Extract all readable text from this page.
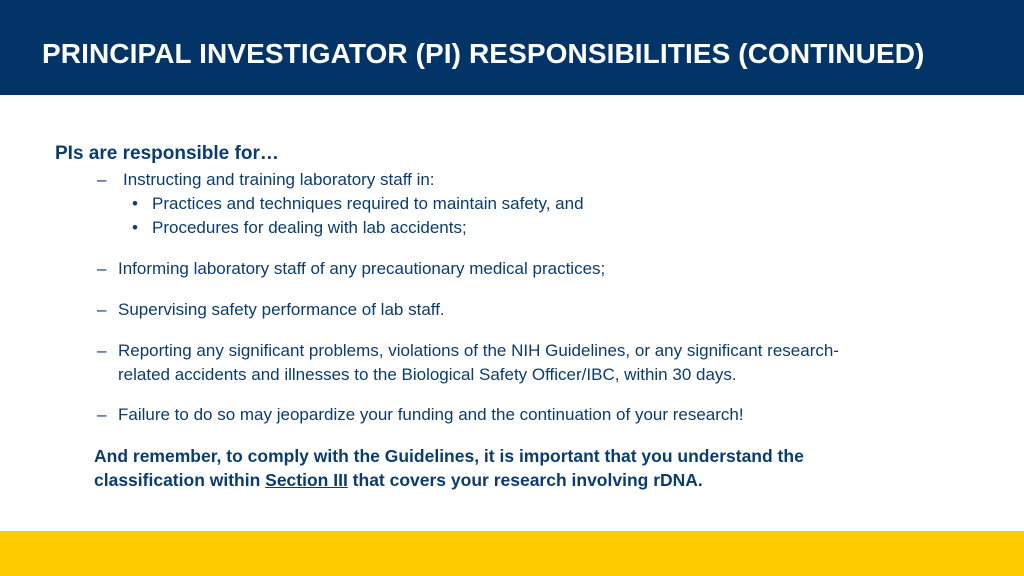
PRINCIPAL INVESTIGATOR (PI) RESPONSIBILITIES (CONTINUED)
PIs are responsible for…
– Instructing and training laboratory staff in:
• Practices and techniques required to maintain safety, and
• Procedures for dealing with lab accidents;
– Informing laboratory staff of any precautionary medical practices;
– Supervising safety performance of lab staff.
– Reporting any significant problems, violations of the NIH Guidelines, or any significant research-
related accidents and illnesses to the Biological Safety Officer/IBC, within 30 days.
– Failure to do so may jeopardize your funding and the continuation of your research!
And remember, to comply with the Guidelines, it is important that you understand the
classification within Section III that covers your research involving rDNA.
